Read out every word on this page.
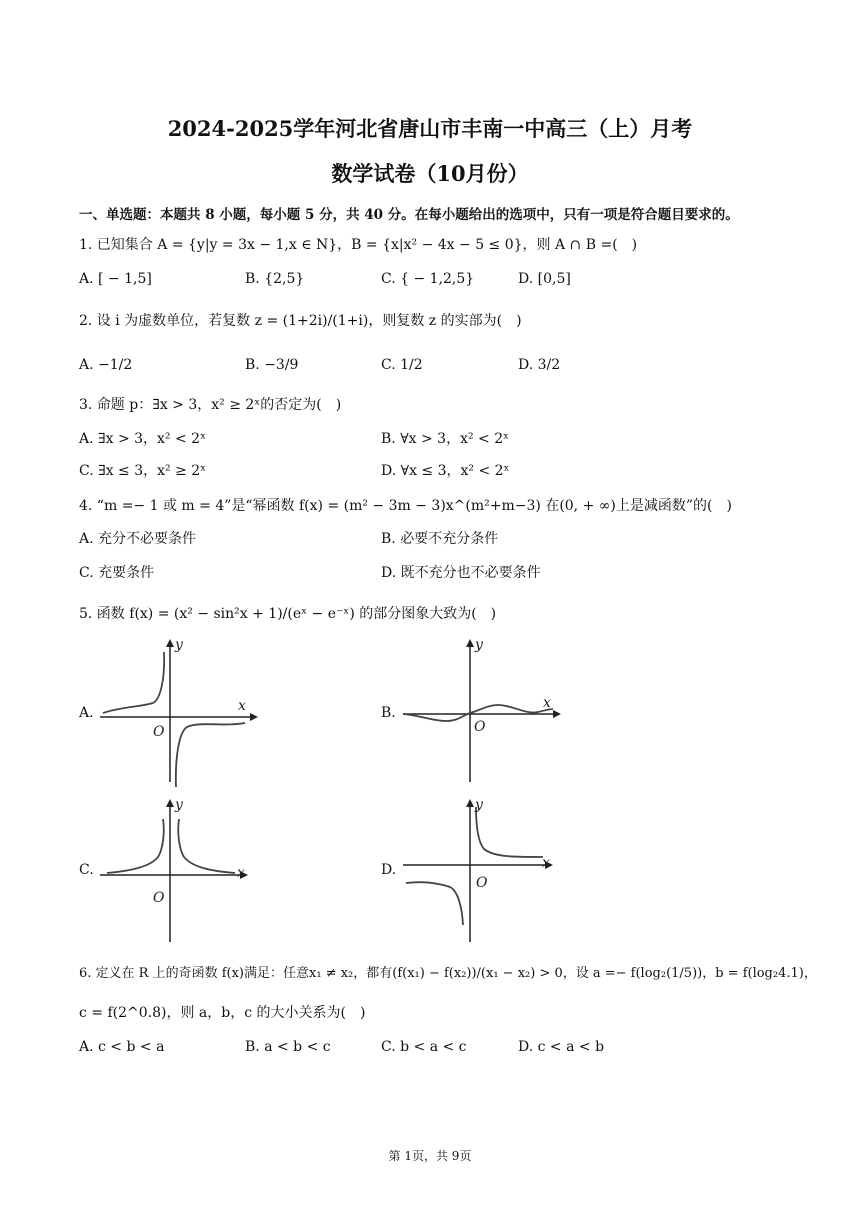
2024-2025学年河北省唐山市丰南一中高三（上）月考
数学试卷（10月份）
一、单选题：本题共 8 小题，每小题 5 分，共 40 分。在每小题给出的选项中，只有一项是符合题目要求的。
1. 已知集合 A = {y|y = 3x − 1,x ∈ N}，B = {x|x² − 4x − 5 ≤ 0}，则 A ∩ B =(　)
A. [ − 1,5]	B. {2,5}	C. { − 1,2,5}	D. [0,5]
2. 设 i 为虚数单位，若复数 z = (1+2i)/(1+i)，则复数 z 的实部为(　)
A. −1/2	B. −3/9	C. 1/2	D. 3/2
3. 命题 p：∃x > 3，x² ≥ 2ˣ的否定为(　)
A. ∃x > 3，x² < 2ˣ	B. ∀x > 3，x² < 2ˣ
C. ∃x ≤ 3，x² ≥ 2ˣ	D. ∀x ≤ 3，x² < 2ˣ
4. “m =− 1 或 m = 4”是“幂函数 f(x) = (m² − 3m − 3)x^(m²+m−3) 在(0, + ∞)上是减函数”的(　)
A. 充分不必要条件	B. 必要不充分条件
C. 充要条件	D. 既不充分也不必要条件
5. 函数 f(x) = (x² − sin²x + 1)/(eˣ − e⁻ˣ) 的部分图象大致为(　)
A.	B.
C.	D.
y
x
O
y
x
O
y
x
O
y
x
O
6. 定义在 R 上的奇函数 f(x)满足：任意x₁ ≠ x₂，都有(f(x₁) − f(x₂))/(x₁ − x₂) > 0，设 a =− f(log₂(1/5))，b = f(log₂4.1)，
c = f(2^0.8)，则 a，b，c 的大小关系为(　)
A. c < b < a	B. a < b < c	C. b < a < c	D. c < a < b
第 1页，共 9页
